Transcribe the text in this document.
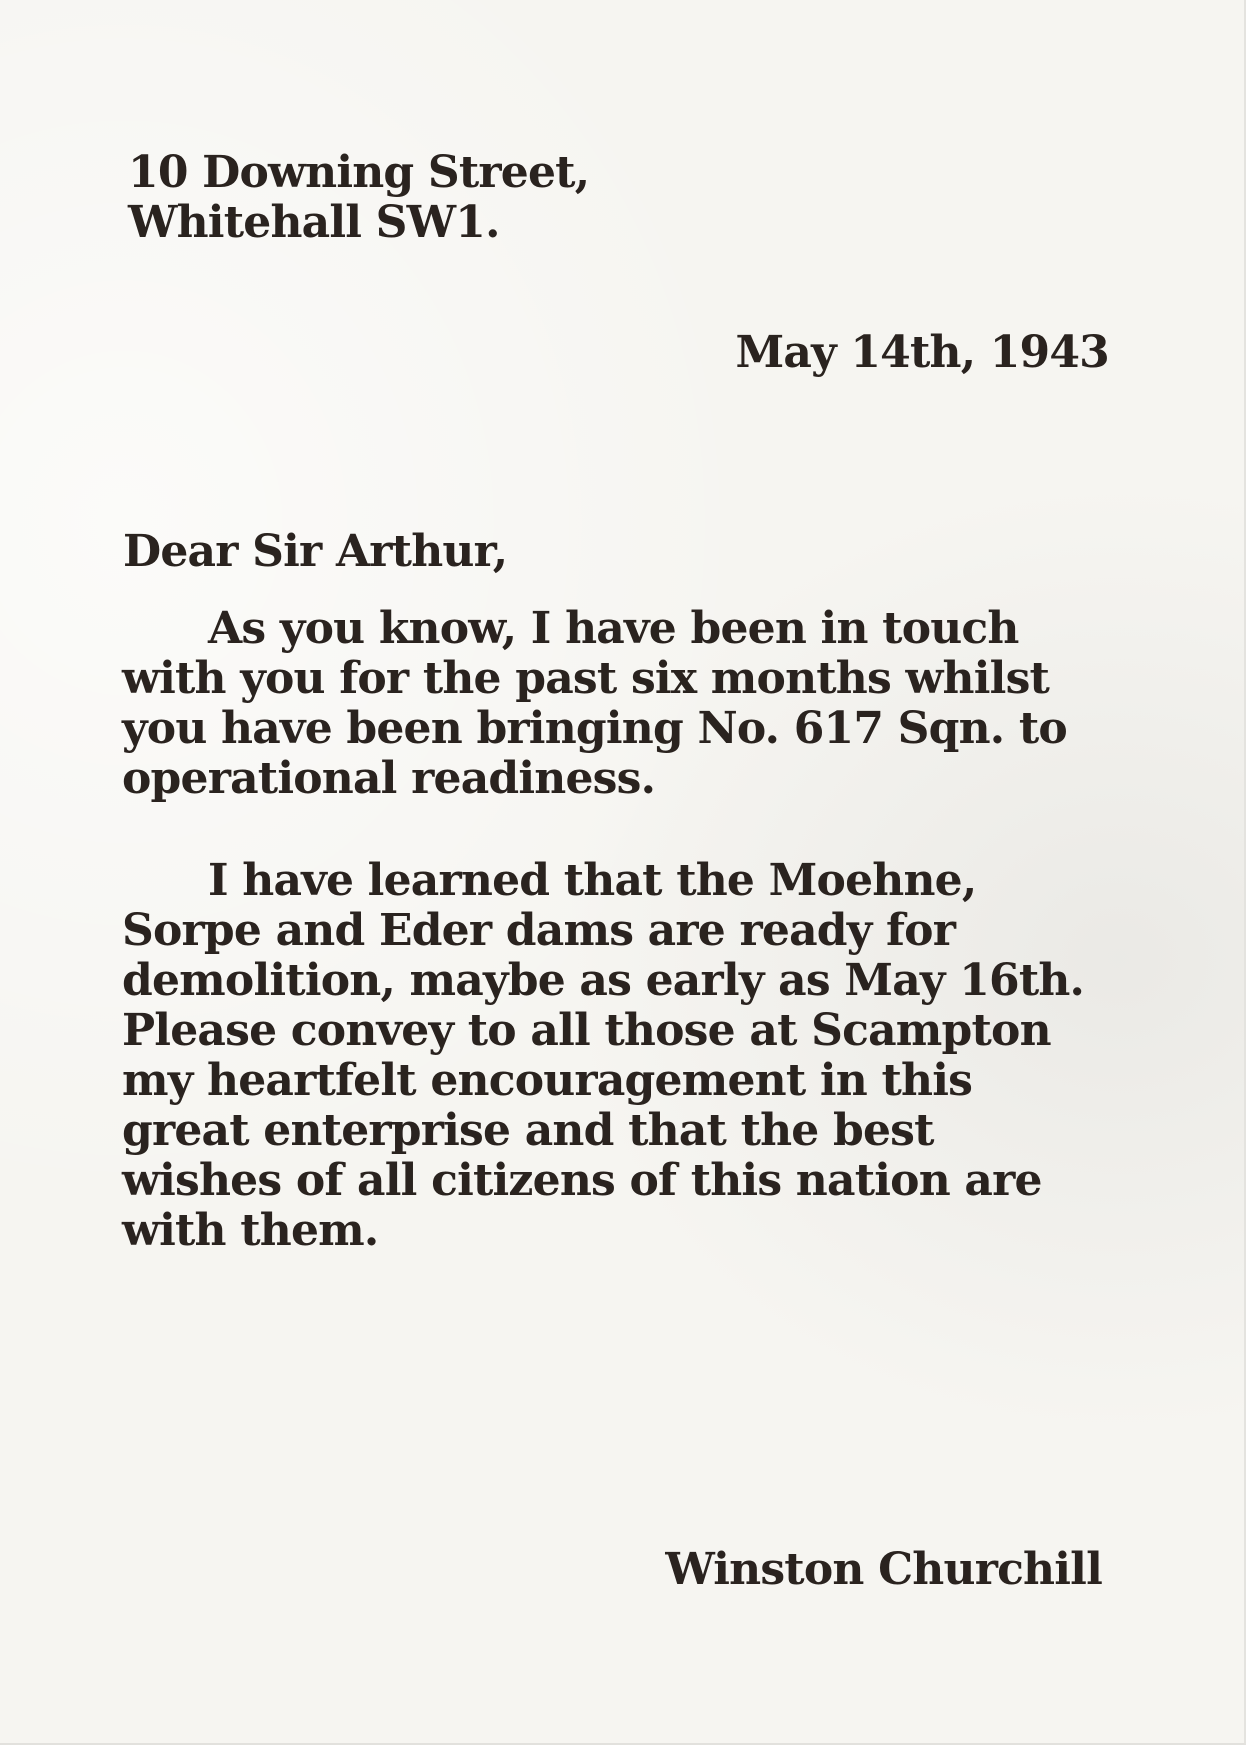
10 Downing Street,
Whitehall SW1.
May 14th, 1943
Dear Sir Arthur,
As you know, I have been in touch
with you for the past six months whilst
you have been bringing No. 617 Sqn. to
operational readiness.
I have learned that the Moehne,
Sorpe and Eder dams are ready for
demolition, maybe as early as May 16th.
Please convey to all those at Scampton
my heartfelt encouragement in this
great enterprise and that the best
wishes of all citizens of this nation are
with them.
Winston Churchill
